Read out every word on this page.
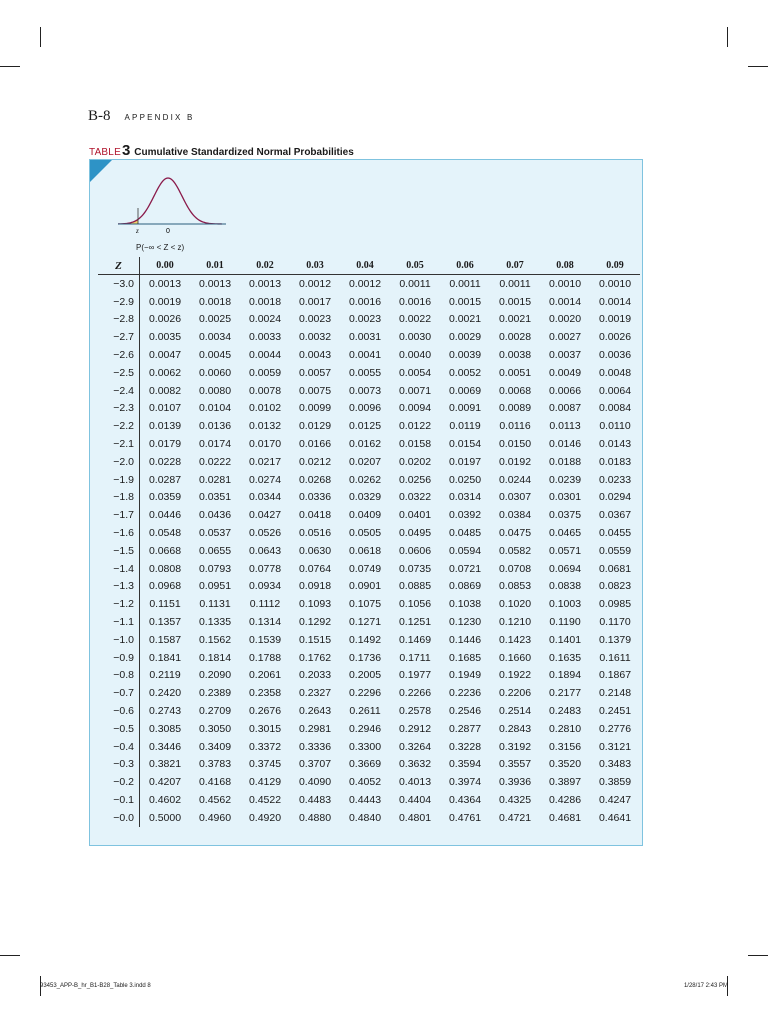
B-8 APPENDIX B
TABLE3 Cumulative Standardized Normal Probabilities
z	0
P(−∞ < Z < z)
Z	0.00	0.01	0.02	0.03	0.04	0.05	0.06	0.07	0.08	0.09
−3.0	0.0013	0.0013	0.0013	0.0012	0.0012	0.0011	0.0011	0.0011	0.0010	0.0010
−2.9	0.0019	0.0018	0.0018	0.0017	0.0016	0.0016	0.0015	0.0015	0.0014	0.0014
−2.8	0.0026	0.0025	0.0024	0.0023	0.0023	0.0022	0.0021	0.0021	0.0020	0.0019
−2.7	0.0035	0.0034	0.0033	0.0032	0.0031	0.0030	0.0029	0.0028	0.0027	0.0026
−2.6	0.0047	0.0045	0.0044	0.0043	0.0041	0.0040	0.0039	0.0038	0.0037	0.0036
−2.5	0.0062	0.0060	0.0059	0.0057	0.0055	0.0054	0.0052	0.0051	0.0049	0.0048
−2.4	0.0082	0.0080	0.0078	0.0075	0.0073	0.0071	0.0069	0.0068	0.0066	0.0064
−2.3	0.0107	0.0104	0.0102	0.0099	0.0096	0.0094	0.0091	0.0089	0.0087	0.0084
−2.2	0.0139	0.0136	0.0132	0.0129	0.0125	0.0122	0.0119	0.0116	0.0113	0.0110
−2.1	0.0179	0.0174	0.0170	0.0166	0.0162	0.0158	0.0154	0.0150	0.0146	0.0143
−2.0	0.0228	0.0222	0.0217	0.0212	0.0207	0.0202	0.0197	0.0192	0.0188	0.0183
−1.9	0.0287	0.0281	0.0274	0.0268	0.0262	0.0256	0.0250	0.0244	0.0239	0.0233
−1.8	0.0359	0.0351	0.0344	0.0336	0.0329	0.0322	0.0314	0.0307	0.0301	0.0294
−1.7	0.0446	0.0436	0.0427	0.0418	0.0409	0.0401	0.0392	0.0384	0.0375	0.0367
−1.6	0.0548	0.0537	0.0526	0.0516	0.0505	0.0495	0.0485	0.0475	0.0465	0.0455
−1.5	0.0668	0.0655	0.0643	0.0630	0.0618	0.0606	0.0594	0.0582	0.0571	0.0559
−1.4	0.0808	0.0793	0.0778	0.0764	0.0749	0.0735	0.0721	0.0708	0.0694	0.0681
−1.3	0.0968	0.0951	0.0934	0.0918	0.0901	0.0885	0.0869	0.0853	0.0838	0.0823
−1.2	0.1151	0.1131	0.1112	0.1093	0.1075	0.1056	0.1038	0.1020	0.1003	0.0985
−1.1	0.1357	0.1335	0.1314	0.1292	0.1271	0.1251	0.1230	0.1210	0.1190	0.1170
−1.0	0.1587	0.1562	0.1539	0.1515	0.1492	0.1469	0.1446	0.1423	0.1401	0.1379
−0.9	0.1841	0.1814	0.1788	0.1762	0.1736	0.1711	0.1685	0.1660	0.1635	0.1611
−0.8	0.2119	0.2090	0.2061	0.2033	0.2005	0.1977	0.1949	0.1922	0.1894	0.1867
−0.7	0.2420	0.2389	0.2358	0.2327	0.2296	0.2266	0.2236	0.2206	0.2177	0.2148
−0.6	0.2743	0.2709	0.2676	0.2643	0.2611	0.2578	0.2546	0.2514	0.2483	0.2451
−0.5	0.3085	0.3050	0.3015	0.2981	0.2946	0.2912	0.2877	0.2843	0.2810	0.2776
−0.4	0.3446	0.3409	0.3372	0.3336	0.3300	0.3264	0.3228	0.3192	0.3156	0.3121
−0.3	0.3821	0.3783	0.3745	0.3707	0.3669	0.3632	0.3594	0.3557	0.3520	0.3483
−0.2	0.4207	0.4168	0.4129	0.4090	0.4052	0.4013	0.3974	0.3936	0.3897	0.3859
−0.1	0.4602	0.4562	0.4522	0.4483	0.4443	0.4404	0.4364	0.4325	0.4286	0.4247
−0.0	0.5000	0.4960	0.4920	0.4880	0.4840	0.4801	0.4761	0.4721	0.4681	0.4641
93453_APP-B_hr_B1-B28_Table 3.indd 8	1/28/17 2:43 PM
